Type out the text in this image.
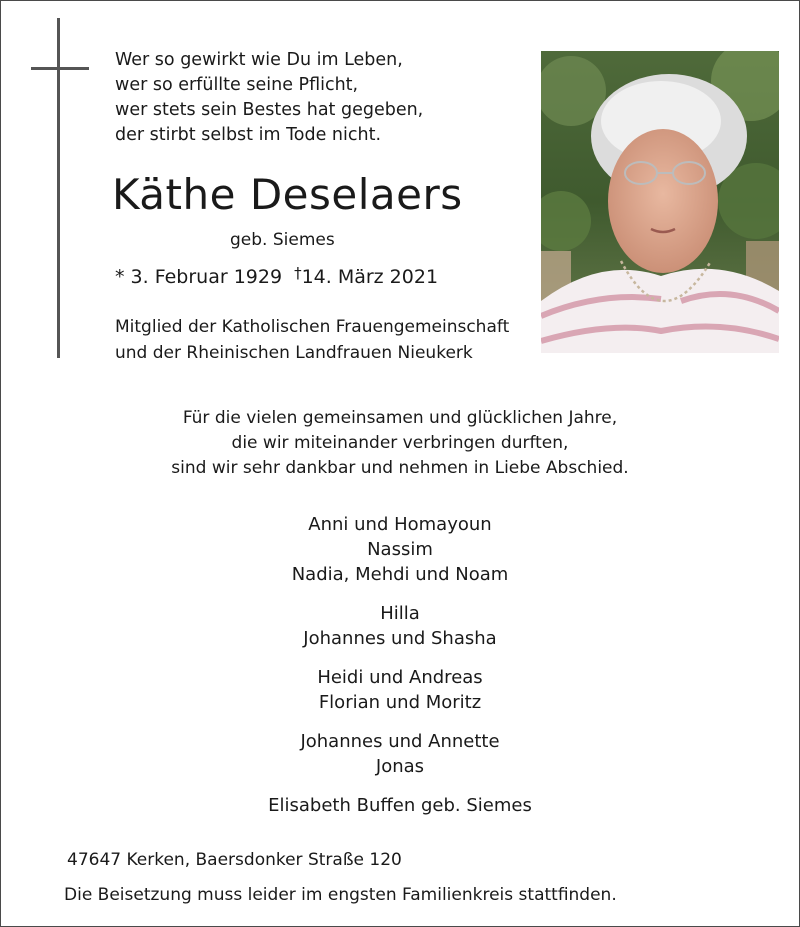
Wer so gewirkt wie Du im Leben,
wer so erfüllte seine Pflicht,
wer stets sein Bestes hat gegeben,
der stirbt selbst im Tode nicht.
Käthe Deselaers
geb. Siemes
* 3. Februar 1929 †14. März 2021
Mitglied der Katholischen Frauengemeinschaft
und der Rheinischen Landfrauen Nieukerk
Für die vielen gemeinsamen und glücklichen Jahre,
die wir miteinander verbringen durften,
sind wir sehr dankbar und nehmen in Liebe Abschied.
Anni und Homayoun
Nassim
Nadia, Mehdi und Noam
Hilla
Johannes und Shasha
Heidi und Andreas
Florian und Moritz
Johannes und Annette
Jonas
Elisabeth Buffen geb. Siemes
47647 Kerken, Baersdonker Straße 120
Die Beisetzung muss leider im engsten Familienkreis stattfinden.
